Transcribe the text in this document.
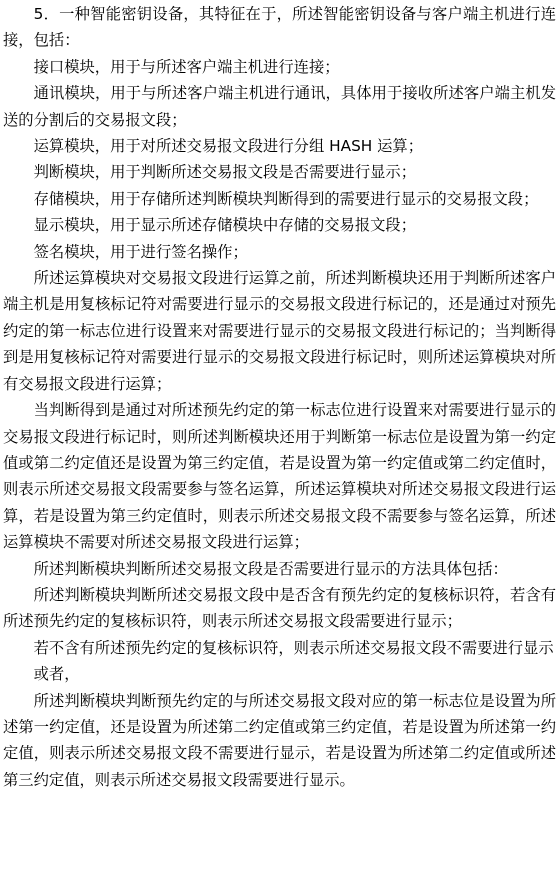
5．一种智能密钥设备，其特征在于，所述智能密钥设备与客户端主机进行连接，包括：

接口模块，用于与所述客户端主机进行连接；

通讯模块，用于与所述客户端主机进行通讯，具体用于接收所述客户端主机发送的分割后的交易报文段；

运算模块，用于对所述交易报文段进行分组 HASH 运算；

判断模块，用于判断所述交易报文段是否需要进行显示；

存储模块，用于存储所述判断模块判断得到的需要进行显示的交易报文段；

显示模块，用于显示所述存储模块中存储的交易报文段；

签名模块，用于进行签名操作；

所述运算模块对交易报文段进行运算之前，所述判断模块还用于判断所述客户端主机是用复核标记符对需要进行显示的交易报文段进行标记的，还是通过对预先约定的第一标志位进行设置来对需要进行显示的交易报文段进行标记的；当判断得到是用复核标记符对需要进行显示的交易报文段进行标记时，则所述运算模块对所有交易报文段进行运算；

当判断得到是通过对所述预先约定的第一标志位进行设置来对需要进行显示的交易报文段进行标记时，则所述判断模块还用于判断第一标志位是设置为第一约定值或第二约定值还是设置为第三约定值，若是设置为第一约定值或第二约定值时，则表示所述交易报文段需要参与签名运算，所述运算模块对所述交易报文段进行运算，若是设置为第三约定值时，则表示所述交易报文段不需要参与签名运算，所述运算模块不需要对所述交易报文段进行运算；

所述判断模块判断所述交易报文段是否需要进行显示的方法具体包括：

所述判断模块判断所述交易报文段中是否含有预先约定的复核标识符，若含有所述预先约定的复核标识符，则表示所述交易报文段需要进行显示；

若不含有所述预先约定的复核标识符，则表示所述交易报文段不需要进行显示

或者，

所述判断模块判断预先约定的与所述交易报文段对应的第一标志位是设置为所述第一约定值，还是设置为所述第二约定值或第三约定值，若是设置为所述第一约定值，则表示所述交易报文段不需要进行显示，若是设置为所述第二约定值或所述第三约定值，则表示所述交易报文段需要进行显示。
